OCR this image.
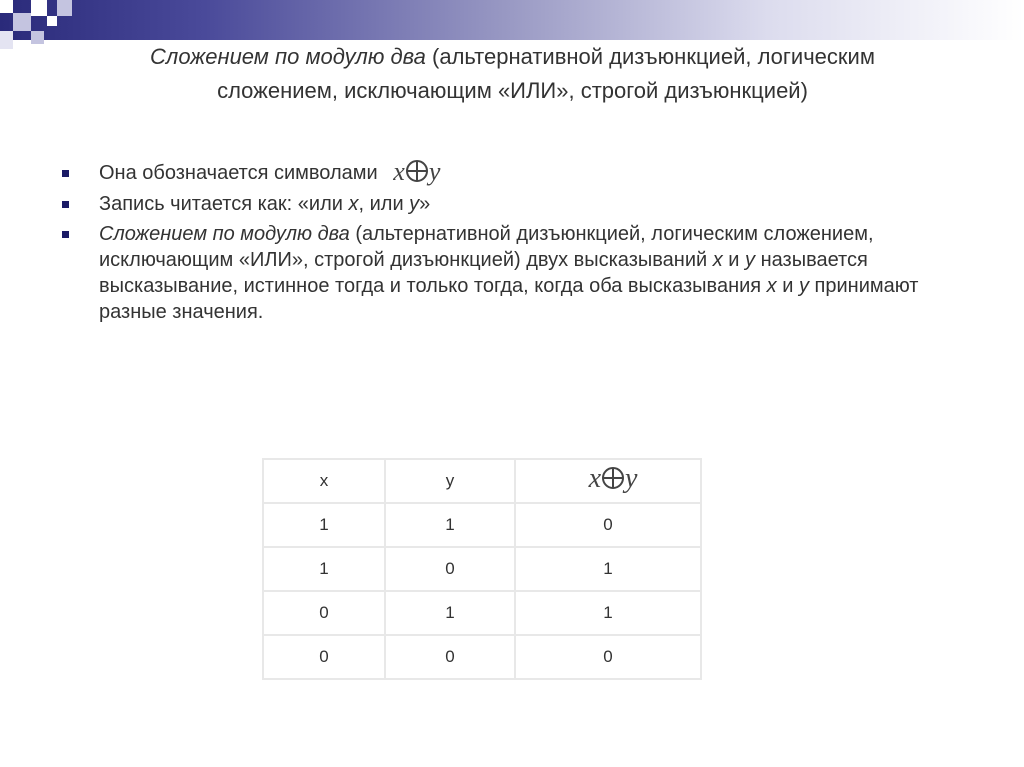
Сложением по модулю два (альтернативной дизъюнкцией, логическим сложением, исключающим «ИЛИ», строгой дизъюнкцией)
Она обозначается символами x y
Запись читается как: «или x, или y»
Сложением по модулю два (альтернативной дизъюнкцией, логическим сложением, исключающим «ИЛИ», строгой дизъюнкцией) двух высказываний x и y называется высказывание, истинное тогда и только тогда, когда оба высказывания x и y принимают разные значения.
x	y	x y
1	1	0
1	0	1
0	1	1
0	0	0
